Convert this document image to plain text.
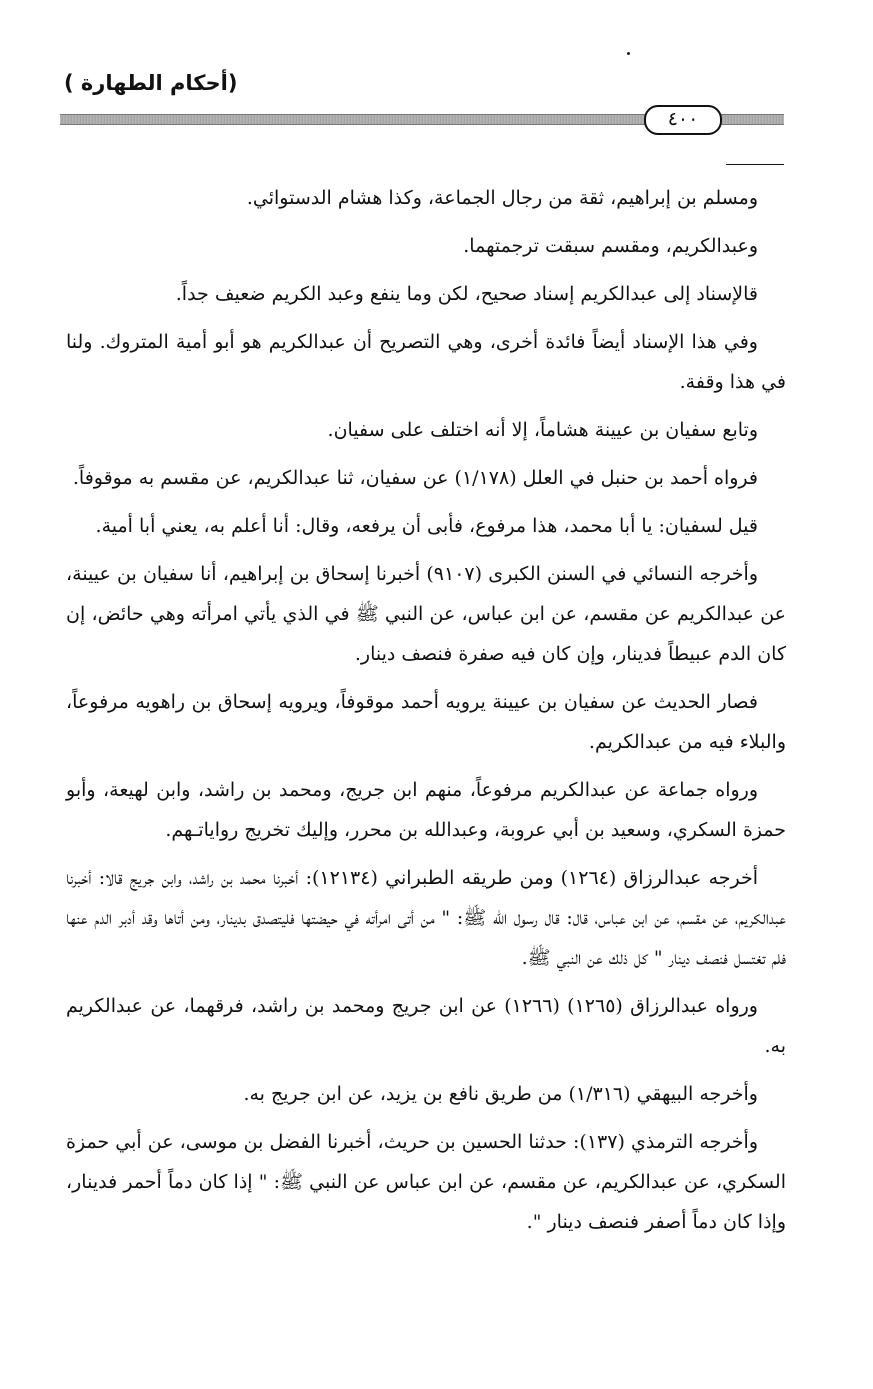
(أحكام الطهارة )
٤٠٠

ومسلم بن إبراهيم، ثقة من رجال الجماعة، وكذا هشام الدستوائي.

وعبدالكريم، ومقسم سبقت ترجمتهما.

قالإسناد إلى عبدالكريم إسناد صحيح، لكن وما ينفع وعبد الكريم ضعيف جداً.

وفي هذا الإسناد أيضاً فائدة أخرى، وهي التصريح أن عبدالكريم هو أبو أمية المتروك. ولنا في هذا وقفة.

وتابع سفيان بن عيينة هشاماً، إلا أنه اختلف على سفيان.

فرواه أحمد بن حنبل في العلل (١/١٧٨) عن سفيان، ثنا عبدالكريم، عن مقسم به موقوفاً.

قيل لسفيان: يا أبا محمد، هذا مرفوع، فأبى أن يرفعه، وقال: أنا أعلم به، يعني أبا أمية.

وأخرجه النسائي في السنن الكبرى (٩١٠٧) أخبرنا إسحاق بن إبراهيم، أنا سفيان بن عيينة، عن عبدالكريم عن مقسم، عن ابن عباس، عن النبي ﷺ في الذي يأتي امرأته وهي حائض، إن كان الدم عبيطاً فدينار، وإن كان فيه صفرة فنصف دينار.

فصار الحديث عن سفيان بن عيينة يرويه أحمد موقوفاً، ويرويه إسحاق بن راهويه مرفوعاً، والبلاء فيه من عبدالكريم.

ورواه جماعة عن عبدالكريم مرفوعاً، منهم ابن جريج، ومحمد بن راشد، وابن لهيعة، وأبو حمزة السكري، وسعيد بن أبي عروبة، وعبدالله بن محرر، وإليك تخريج رواياتـهم.

أخرجه عبدالرزاق (١٢٦٤) ومن طريقه الطبراني (١٢١٣٤): أخبرنا محمد بن راشد، وابن جريج قالا: أخبرنا عبدالكريم، عن مقسم، عن ابن عباس، قال: قال رسول الله ﷺ: " من أتى امرأته في حيضتها فليتصدق بدينار، ومن أتاها وقد أدبر الدم عنها فلم تغتسل فنصف دينار " كل ذلك عن النبي ﷺ.

ورواه عبدالرزاق (١٢٦٥) (١٢٦٦) عن ابن جريج ومحمد بن راشد، فرقهما، عن عبدالكريم به.

وأخرجه البيهقي (١/٣١٦) من طريق نافع بن يزيد، عن ابن جريج به.

وأخرجه الترمذي (١٣٧): حدثنا الحسين بن حريث، أخبرنا الفضل بن موسى، عن أبي حمزة السكري، عن عبدالكريم، عن مقسم، عن ابن عباس عن النبي ﷺ: " إذا كان دماً أحمر فدينار، وإذا كان دماً أصفر فنصف دينار ".
